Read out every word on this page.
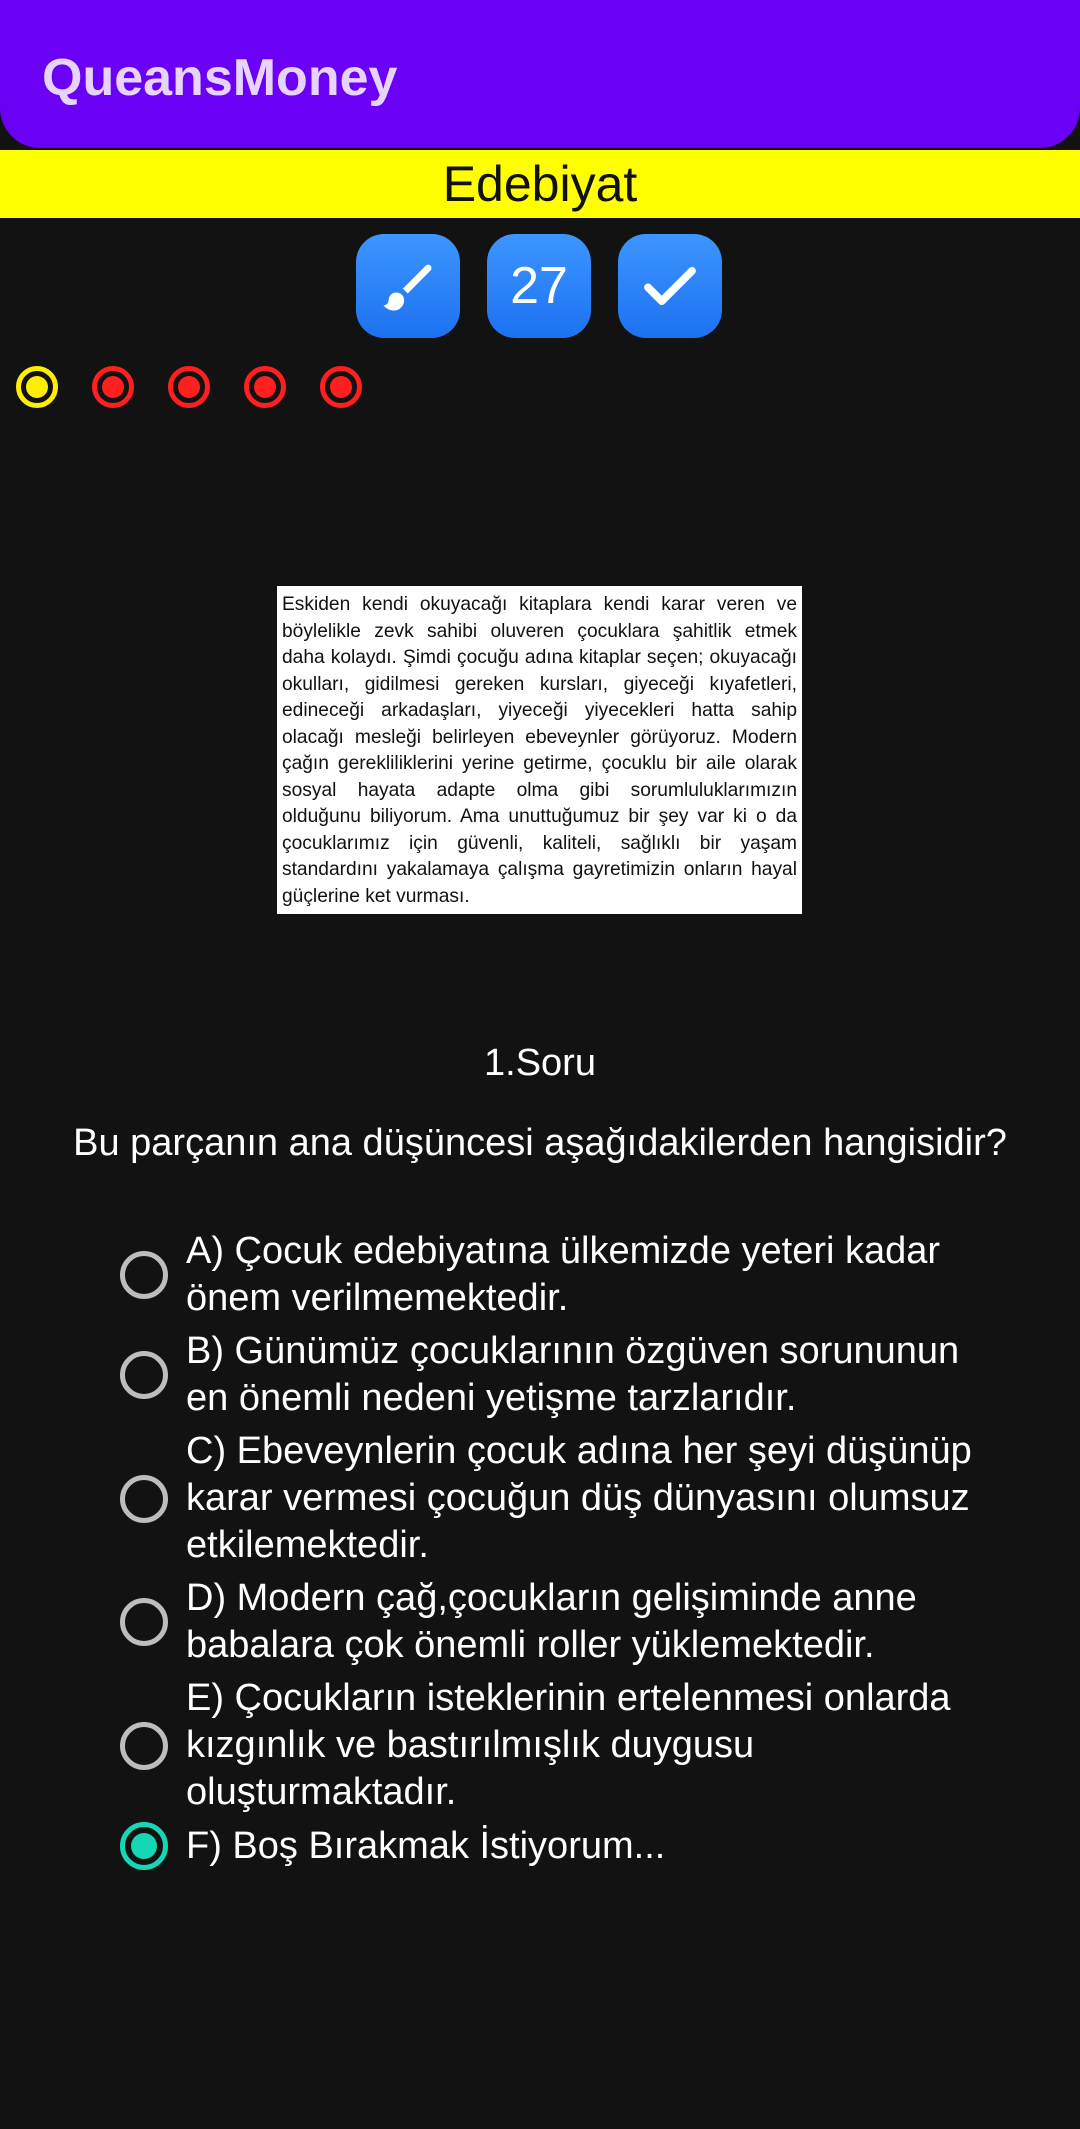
QueansMoney
Edebiyat
27
Eskiden kendi okuyacağı kitaplara kendi karar veren ve böylelikle zevk sahibi oluveren çocuklara şahitlik etmek daha kolaydı. Şimdi çocuğu adına kitaplar seçen; okuyacağı okulları, gidilmesi gereken kursları, giyeceği kıyafetleri, edineceği arkadaşları, yiyeceği yiyecekleri hatta sahip olacağı mesleği belirleyen ebeveynler görüyoruz. Modern çağın gerekliliklerini yerine getirme, çocuklu bir aile olarak sosyal hayata adapte olma gibi sorumluluklarımızın olduğunu biliyorum. Ama unuttuğumuz bir şey var ki o da çocuklarımız için güvenli, kaliteli, sağlıklı bir yaşam standardını yakalamaya çalışma gayretimizin onların hayal güçlerine ket vurması.
1.Soru
Bu parçanın ana düşüncesi aşağıdakilerden hangisidir?
A) Çocuk edebiyatına ülkemizde yeteri kadar önem verilmemektedir.
B) Günümüz çocuklarının özgüven sorununun en önemli nedeni yetişme tarzlarıdır.
C) Ebeveynlerin çocuk adına her şeyi düşünüp karar vermesi çocuğun düş dünyasını olumsuz etkilemektedir.
D) Modern çağ,çocukların gelişiminde anne babalara çok önemli roller yüklemektedir.
E) Çocukların isteklerinin ertelenmesi onlarda kızgınlık ve bastırılmışlık duygusu oluşturmaktadır.
F) Boş Bırakmak İstiyorum...
